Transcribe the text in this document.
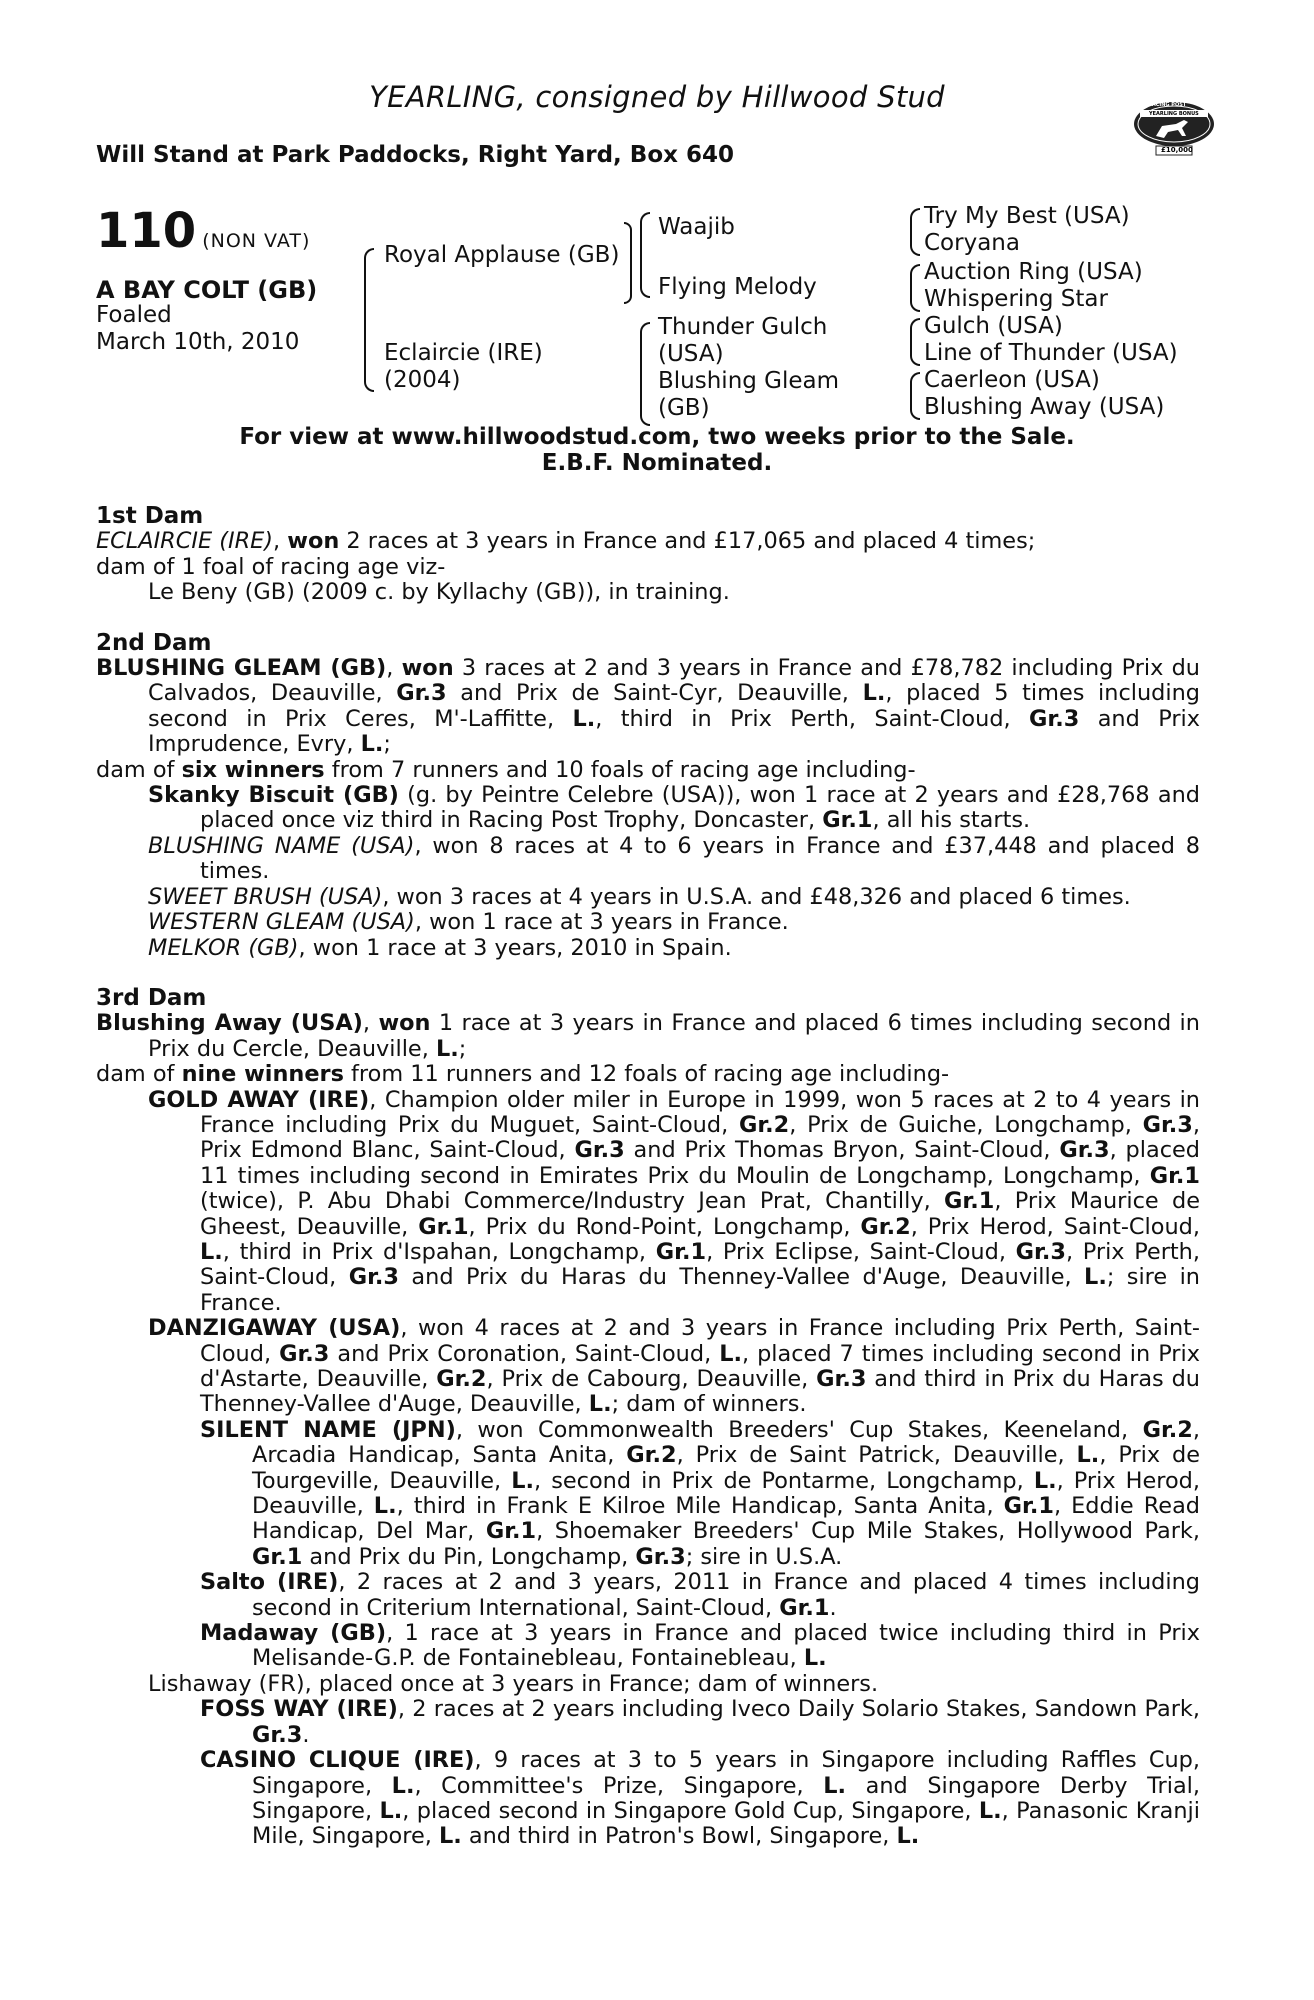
YEARLING, consigned by Hillwood Stud
Will Stand at Park Paddocks, Right Yard, Box 640
RACING POST
YEARLING BONUS
£10,000
110 (NON VAT)
A BAY COLT (GB)
Foaled
March 10th, 2010
Royal Applause (GB)
Eclaircie (IRE)
(2004)
Waajib
Flying Melody
Thunder Gulch
(USA)
Blushing Gleam
(GB)
Try My Best (USA)
Coryana
Auction Ring (USA)
Whispering Star
Gulch (USA)
Line of Thunder (USA)
Caerleon (USA)
Blushing Away (USA)
For view at www.hillwoodstud.com, two weeks prior to the Sale.
E.B.F. Nominated.
1st Dam

ECLAIRCIE (IRE), won 2 races at 3 years in France and £17,065 and placed 4 times;

dam of 1 foal of racing age viz-

Le Beny (GB) (2009 c. by Kyllachy (GB)), in training.

2nd Dam

BLUSHING GLEAM (GB), won 3 races at 2 and 3 years in France and £78,782 including Prix du Calvados, Deauville, Gr.3 and Prix de Saint-Cyr, Deauville, L., placed 5 times including second in Prix Ceres, M'-Laffitte, L., third in Prix Perth, Saint-Cloud, Gr.3 and Prix Imprudence, Evry, L.;

dam of six winners from 7 runners and 10 foals of racing age including-

Skanky Biscuit (GB) (g. by Peintre Celebre (USA)), won 1 race at 2 years and £28,768 and placed once viz third in Racing Post Trophy, Doncaster, Gr.1, all his starts.

BLUSHING NAME (USA), won 8 races at 4 to 6 years in France and £37,448 and placed 8 times.

SWEET BRUSH (USA), won 3 races at 4 years in U.S.A. and £48,326 and placed 6 times.

WESTERN GLEAM (USA), won 1 race at 3 years in France.

MELKOR (GB), won 1 race at 3 years, 2010 in Spain.

3rd Dam

Blushing Away (USA), won 1 race at 3 years in France and placed 6 times including second in Prix du Cercle, Deauville, L.;

dam of nine winners from 11 runners and 12 foals of racing age including-

GOLD AWAY (IRE), Champion older miler in Europe in 1999, won 5 races at 2 to 4 years in France including Prix du Muguet, Saint-Cloud, Gr.2, Prix de Guiche, Longchamp, Gr.3, Prix Edmond Blanc, Saint-Cloud, Gr.3 and Prix Thomas Bryon, Saint-Cloud, Gr.3, placed 11 times including second in Emirates Prix du Moulin de Longchamp, Longchamp, Gr.1 (twice), P. Abu Dhabi Commerce/Industry Jean Prat, Chantilly, Gr.1, Prix Maurice de Gheest, Deauville, Gr.1, Prix du Rond-Point, Longchamp, Gr.2, Prix Herod, Saint-Cloud, L., third in Prix d'Ispahan, Longchamp, Gr.1, Prix Eclipse, Saint-Cloud, Gr.3, Prix Perth, Saint-Cloud, Gr.3 and Prix du Haras du Thenney-Vallee d'Auge, Deauville, L.; sire in France.

DANZIGAWAY (USA), won 4 races at 2 and 3 years in France including Prix Perth, Saint-Cloud, Gr.3 and Prix Coronation, Saint-Cloud, L., placed 7 times including second in Prix d'Astarte, Deauville, Gr.2, Prix de Cabourg, Deauville, Gr.3 and third in Prix du Haras du Thenney-Vallee d'Auge, Deauville, L.; dam of winners.

SILENT NAME (JPN), won Commonwealth Breeders' Cup Stakes, Keeneland, Gr.2, Arcadia Handicap, Santa Anita, Gr.2, Prix de Saint Patrick, Deauville, L., Prix de Tourgeville, Deauville, L., second in Prix de Pontarme, Longchamp, L., Prix Herod, Deauville, L., third in Frank E Kilroe Mile Handicap, Santa Anita, Gr.1, Eddie Read Handicap, Del Mar, Gr.1, Shoemaker Breeders' Cup Mile Stakes, Hollywood Park, Gr.1 and Prix du Pin, Longchamp, Gr.3; sire in U.S.A.

Salto (IRE), 2 races at 2 and 3 years, 2011 in France and placed 4 times including second in Criterium International, Saint-Cloud, Gr.1.

Madaway (GB), 1 race at 3 years in France and placed twice including third in Prix Melisande-G.P. de Fontainebleau, Fontainebleau, L.

Lishaway (FR), placed once at 3 years in France; dam of winners.

FOSS WAY (IRE), 2 races at 2 years including Iveco Daily Solario Stakes, Sandown Park, Gr.3.

CASINO CLIQUE (IRE), 9 races at 3 to 5 years in Singapore including Raffles Cup, Singapore, L., Committee's Prize, Singapore, L. and Singapore Derby Trial, Singapore, L., placed second in Singapore Gold Cup, Singapore, L., Panasonic Kranji Mile, Singapore, L. and third in Patron's Bowl, Singapore, L.
